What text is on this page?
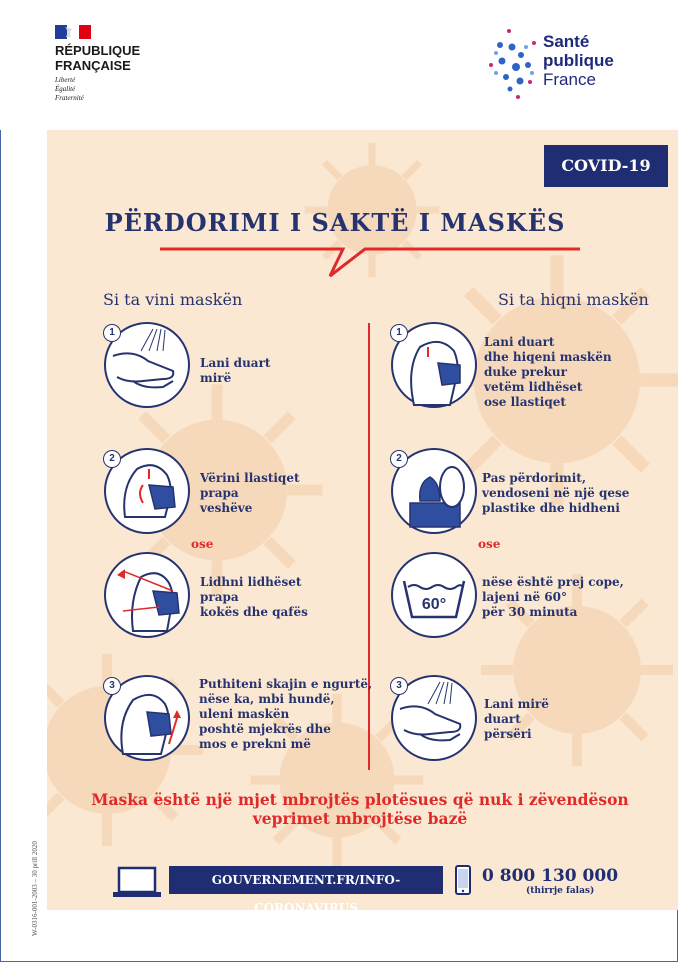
RÉPUBLIQUE
FRANÇAISE
Liberté
Égalité
Fraternité
Santé
publique
France
COVID-19
PËRDORIMI I SAKTË I MASKËS
Si ta vini maskën	Si ta hiqni maskën
1
Lani duart
mirë
2
Vërini llastiqet
prapa
veshëve
ose
Lidhni lidhëset
prapa
kokës dhe qafës
3	Puthiteni skajin e ngurtë,
nëse ka, mbi hundë,
uleni maskën
poshtë mjekrës dhe
mos e prekni më
1
Lani duart
dhe hiqeni maskën
duke prekur
vetëm lidhëset
ose llastiqet
2
Pas përdorimit,
vendoseni në një qese
plastike dhe hidheni
ose
60°
nëse është prej cope,
lajeni në 60°
për 30 minuta
3
Lani mirë
duart
përsëri
Maska është një mjet mbrojtës plotësues që nuk i zëvendëson
veprimet mbrojtëse bazë
GOUVERNEMENT.FR/INFO-CORONAVIRUS
0 800 130 000
(thirrje falas)
W-0316-001-2003 – 30 prill 2020
